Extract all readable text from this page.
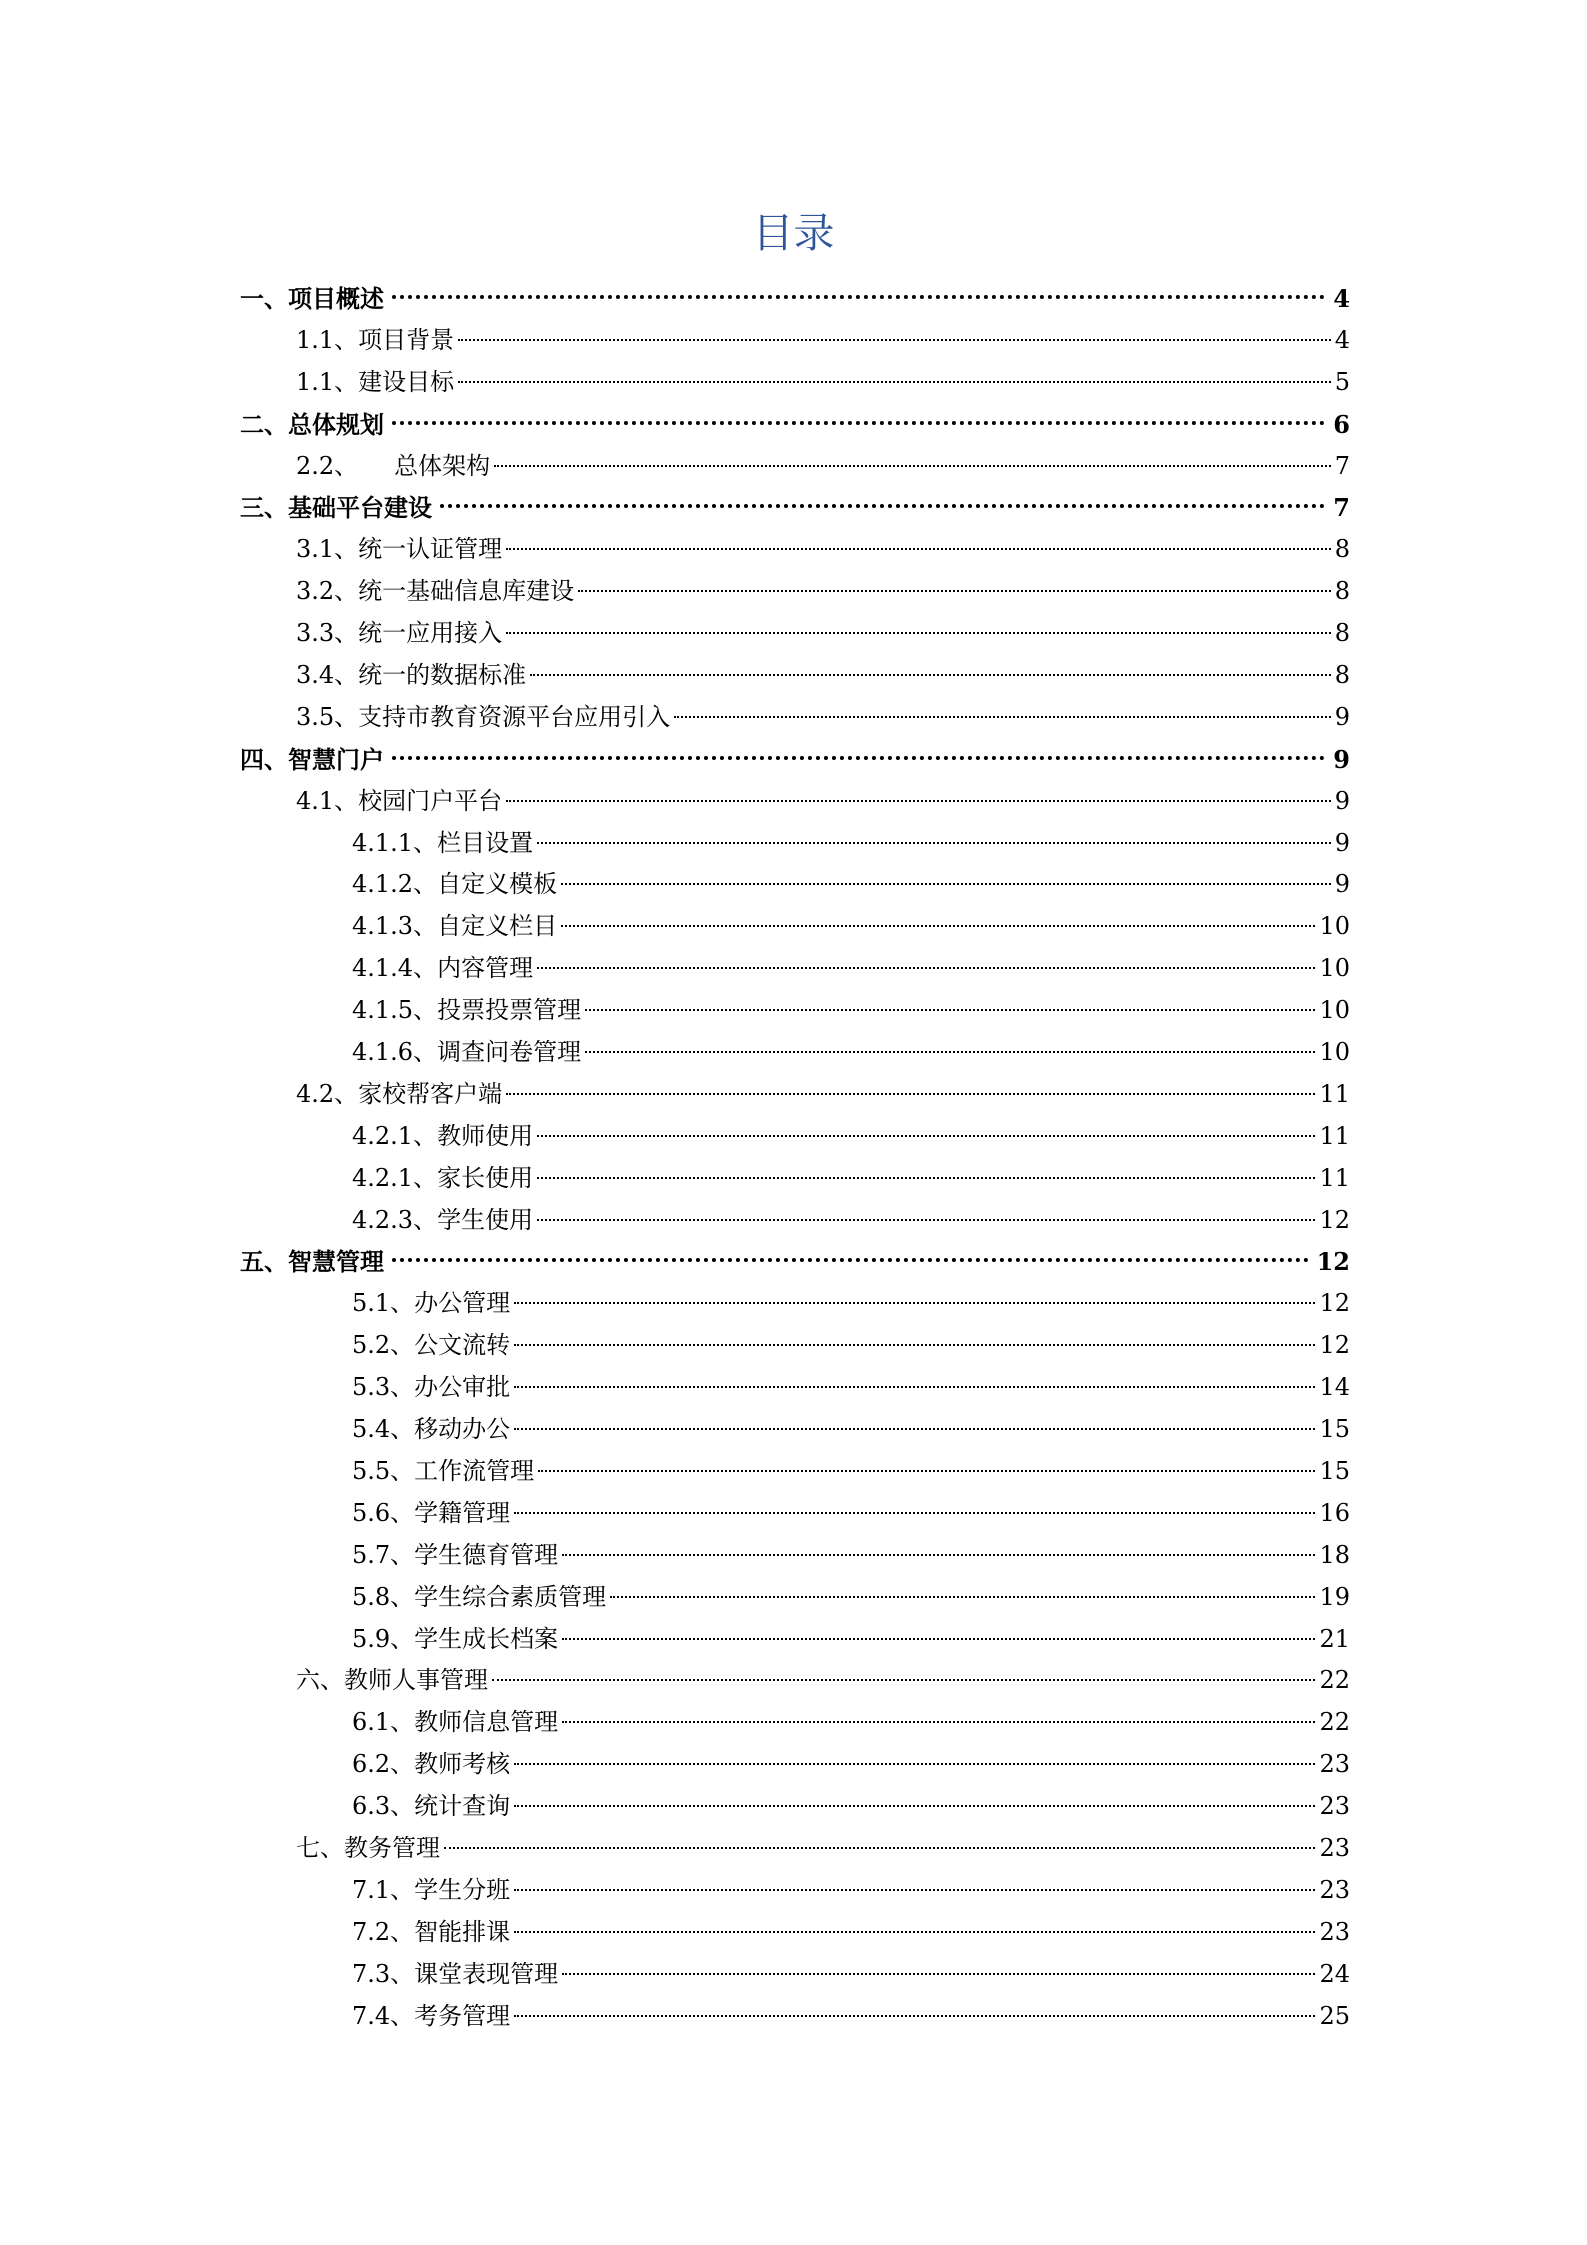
目录
一、项目概述	4
1.1、项目背景	4
1.1、建设目标	5
二、总体规划	6
2.2、　　总体架构	7
三、基础平台建设	7
3.1、统一认证管理	8
3.2、统一基础信息库建设	8
3.3、统一应用接入	8
3.4、统一的数据标准	8
3.5、支持市教育资源平台应用引入	9
四、智慧门户	9
4.1、校园门户平台	9
4.1.1、栏目设置	9
4.1.2、自定义模板	9
4.1.3、自定义栏目	10
4.1.4、内容管理	10
4.1.5、投票投票管理	10
4.1.6、调查问卷管理	10
4.2、家校帮客户端	11
4.2.1、教师使用	11
4.2.1、家长使用	11
4.2.3、学生使用	12
五、智慧管理	12
5.1、办公管理	12
5.2、公文流转	12
5.3、办公审批	14
5.4、移动办公	15
5.5、工作流管理	15
5.6、学籍管理	16
5.7、学生德育管理	18
5.8、学生综合素质管理	19
5.9、学生成长档案	21
六、教师人事管理	22
6.1、教师信息管理	22
6.2、教师考核	23
6.3、统计查询	23
七、教务管理	23
7.1、学生分班	23
7.2、智能排课	23
7.3、课堂表现管理	24
7.4、考务管理	25
